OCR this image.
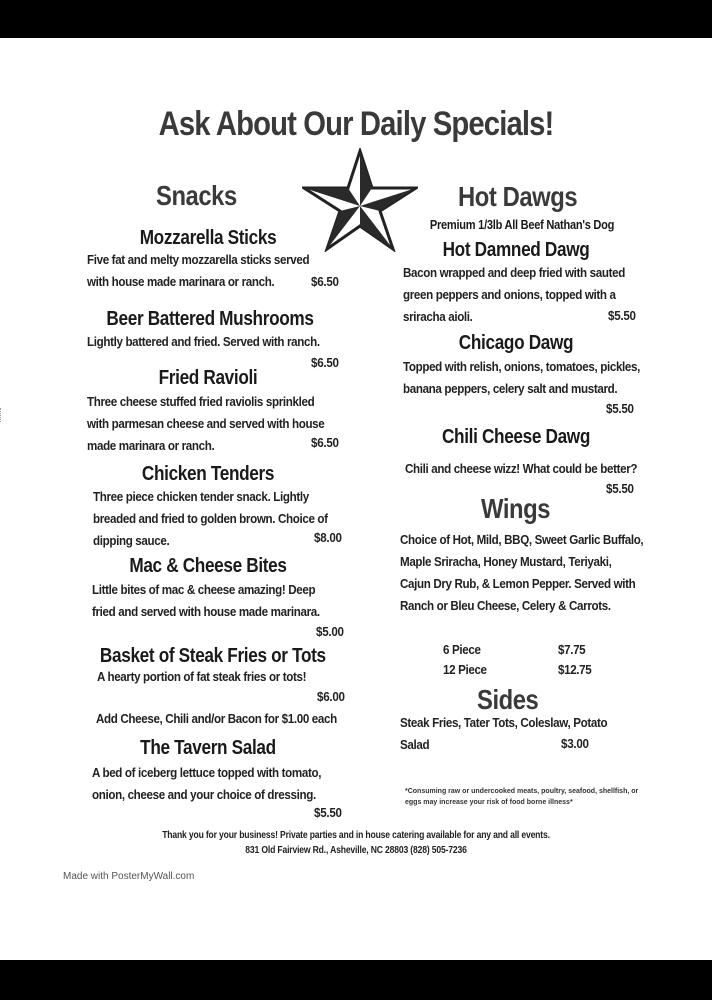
Ask About Our Daily Specials!
Snacks
Mozzarella Sticks
Five fat and melty mozzarella sticks served
with house made marinara or ranch.	$6.50
Beer Battered Mushrooms
Lightly battered and fried. Served with ranch.
$6.50
Fried Ravioli
Three cheese stuffed fried raviolis sprinkled
with parmesan cheese and served with house
made marinara or ranch.	$6.50
Chicken Tenders
Three piece chicken tender snack. Lightly
breaded and fried to golden brown. Choice of
dipping sauce.	$8.00
Mac & Cheese Bites
Little bites of mac & cheese amazing! Deep
fried and served with house made marinara.
$5.00
Basket of Steak Fries or Tots
A hearty portion of fat steak fries or tots!
$6.00
Add Cheese, Chili and/or Bacon for $1.00 each
The Tavern Salad
A bed of iceberg lettuce topped with tomato,
onion, cheese and your choice of dressing.
$5.50
Hot Dawgs
Premium 1/3lb All Beef Nathan's Dog
Hot Damned Dawg
Bacon wrapped and deep fried with sauted
green peppers and onions, topped with a
sriracha aioli.	$5.50
Chicago Dawg
Topped with relish, onions, tomatoes, pickles,
banana peppers, celery salt and mustard.
$5.50
Chili Cheese Dawg
Chili and cheese wizz! What could be better?
$5.50
Wings
Choice of Hot, Mild, BBQ, Sweet Garlic Buffalo,
Maple Sriracha, Honey Mustard, Teriyaki,
Cajun Dry Rub, & Lemon Pepper. Served with
Ranch or Bleu Cheese, Celery & Carrots.
6 Piece	$7.75
12 Piece	$12.75
Sides
Steak Fries, Tater Tots, Coleslaw, Potato
Salad	$3.00
*Consuming raw or undercooked meats, poultry, seafood, shellfish, or
eggs may increase your risk of food borne illness*
Thank you for your business! Private parties and in house catering available for any and all events.
831 Old Fairview Rd., Asheville, NC 28803 (828) 505-7236
Made with PosterMyWall.com
